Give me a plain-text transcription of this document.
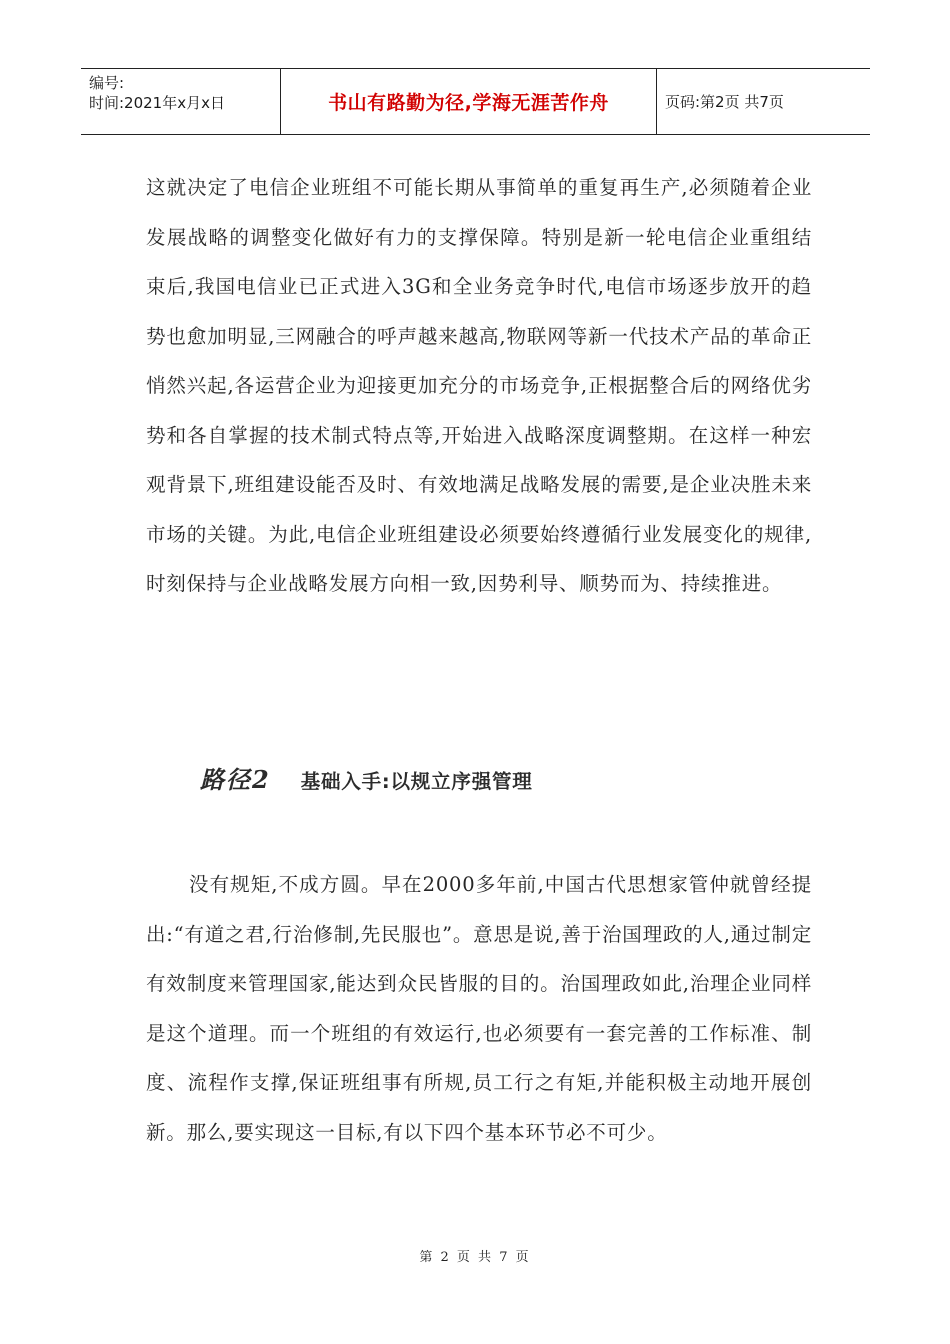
编号:
时间:2021年x月x日	书山有路勤为径,学海无涯苦作舟	页码:第2页 共7页

这就决定了电信企业班组不可能长期从事简单的重复再生产,必须随着企业发展战略的调整变化做好有力的支撑保障。特别是新一轮电信企业重组结束后,我国电信业已正式进入3G和全业务竞争时代,电信市场逐步放开的趋势也愈加明显,三网融合的呼声越来越高,物联网等新一代技术产品的革命正悄然兴起,各运营企业为迎接更加充分的市场竞争,正根据整合后的网络优劣势和各自掌握的技术制式特点等,开始进入战略深度调整期。在这样一种宏观背景下,班组建设能否及时、有效地满足战略发展的需要,是企业决胜未来市场的关键。为此,电信企业班组建设必须要始终遵循行业发展变化的规律,时刻保持与企业战略发展方向相一致,因势利导、顺势而为、持续推进。

路径2 基础入手:以规立序强管理

没有规矩,不成方圆。早在2000多年前,中国古代思想家管仲就曾经提出:“有道之君,行治修制,先民服也”。意思是说,善于治国理政的人,通过制定有效制度来管理国家,能达到众民皆服的目的。治国理政如此,治理企业同样是这个道理。而一个班组的有效运行,也必须要有一套完善的工作标准、制度、流程作支撑,保证班组事有所规,员工行之有矩,并能积极主动地开展创新。那么,要实现这一目标,有以下四个基本环节必不可少。

第 2 页 共 7 页
